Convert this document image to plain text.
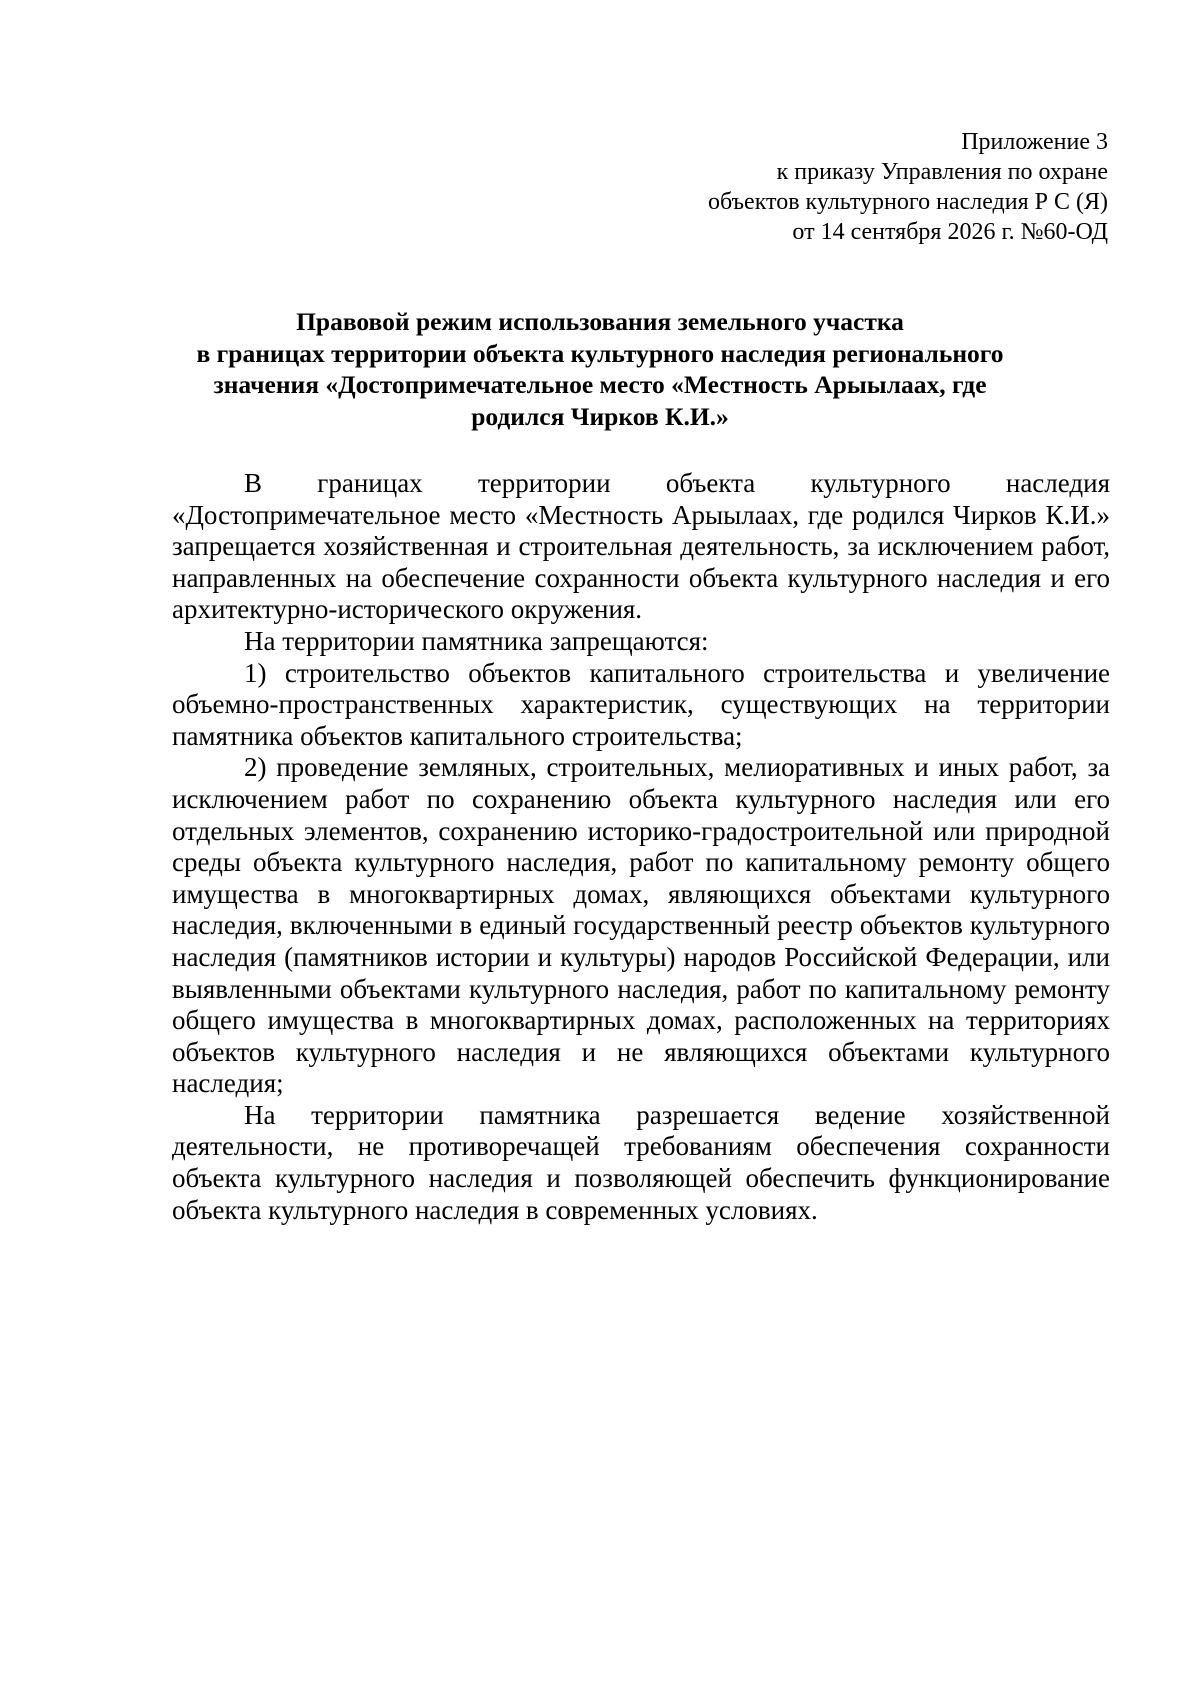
Приложение 3
к приказу Управления по охране
объектов культурного наследия Р С (Я)
от 14 сентября 2026 г. №60-ОД
Правовой режим использования земельного участка
в границах территории объекта культурного наследия регионального
значения «Достопримечательное место «Местность Арыылаах, где
родился Чирков К.И.»

В границах территории объекта культурного наследия «Достопримечательное место «Местность Арыылаах, где родился Чирков К.И.» запрещается хозяйственная и строительная деятельность, за исключением работ, направленных на обеспечение сохранности объекта культурного наследия и его архитектурно-исторического окружения.

На территории памятника запрещаются:

1) строительство объектов капитального строительства и увеличение объемно-пространственных характеристик, существующих на территории памятника объектов капитального строительства;

2) проведение земляных, строительных, мелиоративных и иных работ, за исключением работ по сохранению объекта культурного наследия или его отдельных элементов, сохранению историко-градостроительной или природной среды объекта культурного наследия, работ по капитальному ремонту общего имущества в многоквартирных домах, являющихся объектами культурного наследия, включенными в единый государственный реестр объектов культурного наследия (памятников истории и культуры) народов Российской Федерации, или выявленными объектами культурного наследия, работ по капитальному ремонту общего имущества в многоквартирных домах, расположенных на территориях объектов культурного наследия и не являющихся объектами культурного наследия;

На территории памятника разрешается ведение хозяйственной деятельности, не противоречащей требованиям обеспечения сохранности объекта культурного наследия и позволяющей обеспечить функционирование объекта культурного наследия в современных условиях.
